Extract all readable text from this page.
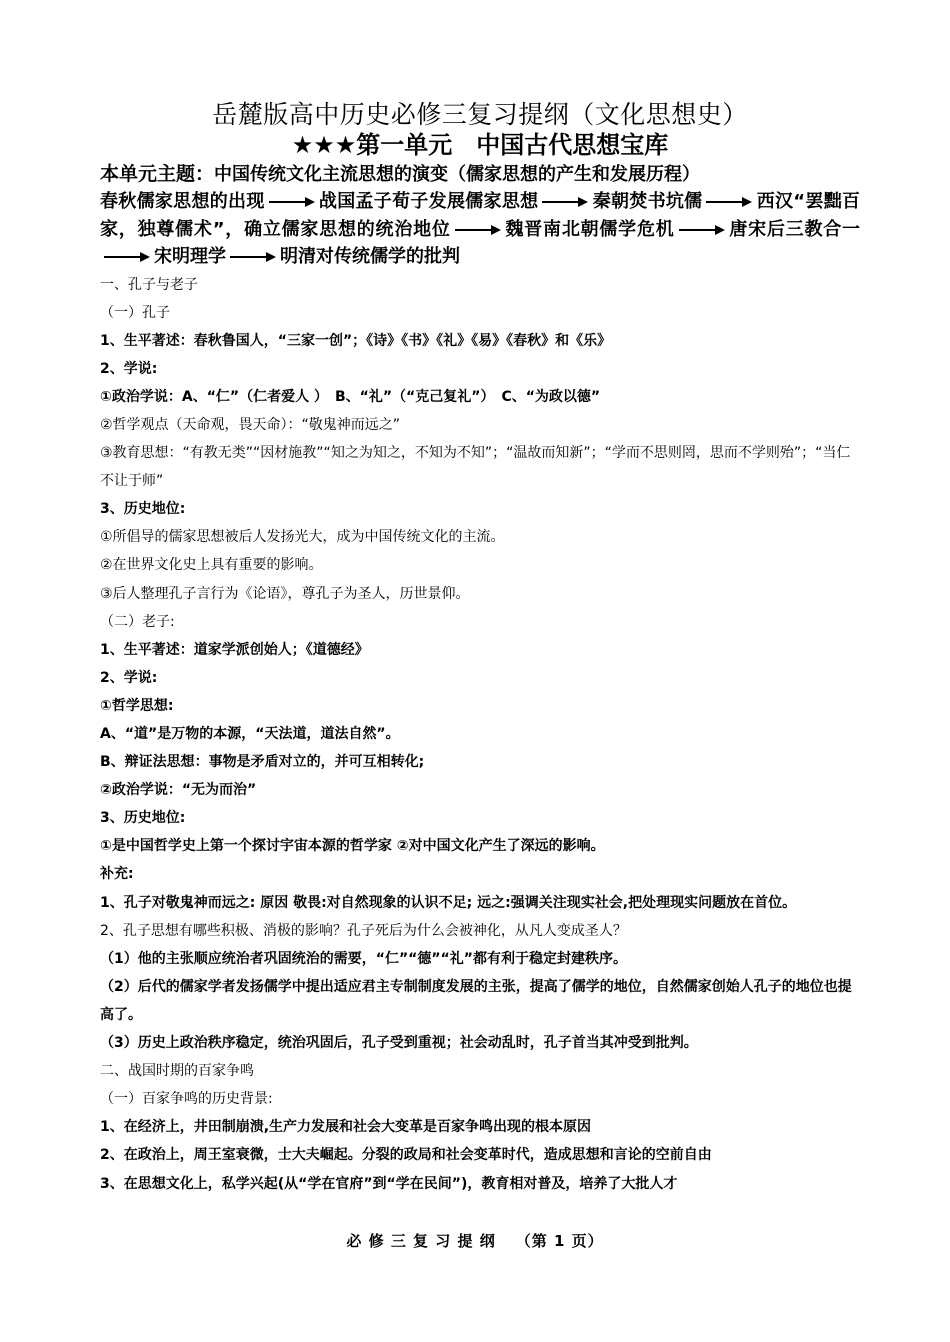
岳麓版高中历史必修三复习提纲（文化思想史）
★★★第一单元　中国古代思想宝库
本单元主题：中国传统文化主流思想的演变（儒家思想的产生和发展历程）
春秋儒家思想的出现	战国孟子荀子发展儒家思想	秦朝焚书坑儒	西汉“罢黜百家，独尊儒术”，确立儒家思想的统治地位	魏晋南北朝儒学危机	唐宋后三教合一宋明理学	明清对传统儒学的批判
一、孔子与老子
（一）孔子
1、生平著述：春秋鲁国人，“三家一创”；《诗》《书》《礼》《易》《春秋》和《乐》
2、学说:
①政治学说：A、“仁”（仁者爱人 ）　B、“礼”（“克己复礼”）　C、“为政以德”
②哲学观点（天命观，畏天命）：“敬鬼神而远之”
③教育思想：“有教无类”“因材施教”“知之为知之，不知为不知”；“温故而知新”；“学而不思则罔，思而不学则殆”；“当仁不让于师”
3、历史地位:
①所倡导的儒家思想被后人发扬光大，成为中国传统文化的主流。
②在世界文化史上具有重要的影响。
③后人整理孔子言行为《论语》，尊孔子为圣人，历世景仰。
（二）老子:
1、生平著述：道家学派创始人；《道德经》
2、学说:
①哲学思想:
A、“道”是万物的本源，“天法道，道法自然”。
B、辩证法思想：事物是矛盾对立的，并可互相转化;
②政治学说：“无为而治”
3、历史地位:
①是中国哲学史上第一个探讨宇宙本源的哲学家 ②对中国文化产生了深远的影响。
补充:
1、孔子对敬鬼神而远之: 原因 敬畏:对自然现象的认识不足; 远之:强调关注现实社会,把处理现实问题放在首位。
2、孔子思想有哪些积极、消极的影响？孔子死后为什么会被神化，从凡人变成圣人？
（1）他的主张顺应统治者巩固统治的需要，“仁”“德”“礼”都有利于稳定封建秩序。
（2）后代的儒家学者发扬儒学中提出适应君主专制制度发展的主张，提高了儒学的地位，自然儒家创始人孔子的地位也提高了。
（3）历史上政治秩序稳定，统治巩固后，孔子受到重视；社会动乱时，孔子首当其冲受到批判。
二、战国时期的百家争鸣
（一）百家争鸣的历史背景:
1、在经济上，井田制崩溃,生产力发展和社会大变革是百家争鸣出现的根本原因
2、在政治上，周王室衰微，士大夫崛起。分裂的政局和社会变革时代，造成思想和言论的空前自由
3、在思想文化上，私学兴起(从“学在官府”到“学在民间”)，教育相对普及，培养了大批人才
必 修 三 复 习 提 纲 （第 1 页）
